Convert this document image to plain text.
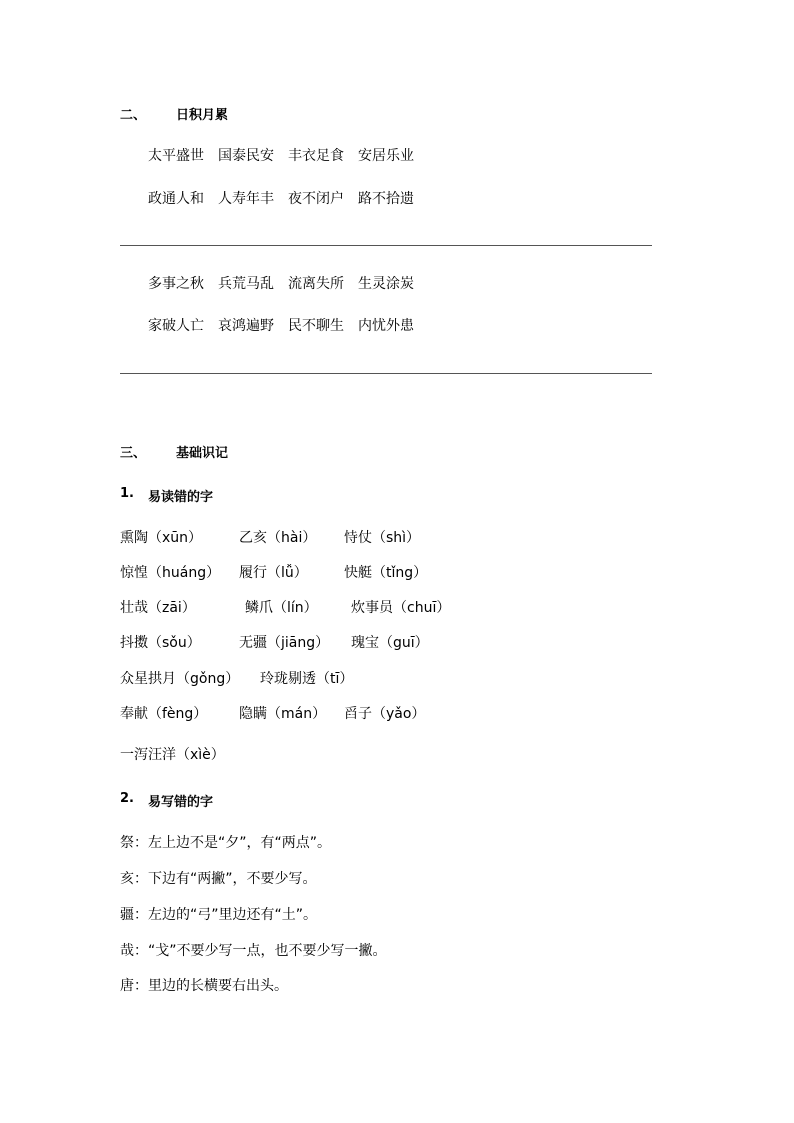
二、 日积月累
太平盛世 国泰民安 丰衣足食 安居乐业
政通人和 人寿年丰 夜不闭户 路不拾遗
多事之秋 兵荒马乱 流离失所 生灵涂炭
家破人亡 哀鸿遍野 民不聊生 内忧外患
三、 基础识记
1. 易读错的字
熏陶（xūn）	乙亥（hài） 恃仗（shì）
惊惶（huáng） 履行（lǚ）	快艇（tǐng）
壮哉（zāi）	鳞爪（lín） 炊事员（chuī）
抖擞（sǒu）	无疆（jiāng） 瑰宝（guī）
众星拱月（gǒng） 玲珑剔透（tī）
奉献（fèng） 隐瞒（mán） 舀子（yǎo）
一泻汪洋（xìè）
2. 易写错的字
祭：左上边不是“夕”，有“两点”。
亥：下边有“两撇”，不要少写。
疆：左边的“弓”里边还有“土”。
哉：“戈”不要少写一点，也不要少写一撇。
唐：里边的长横要右出头。
